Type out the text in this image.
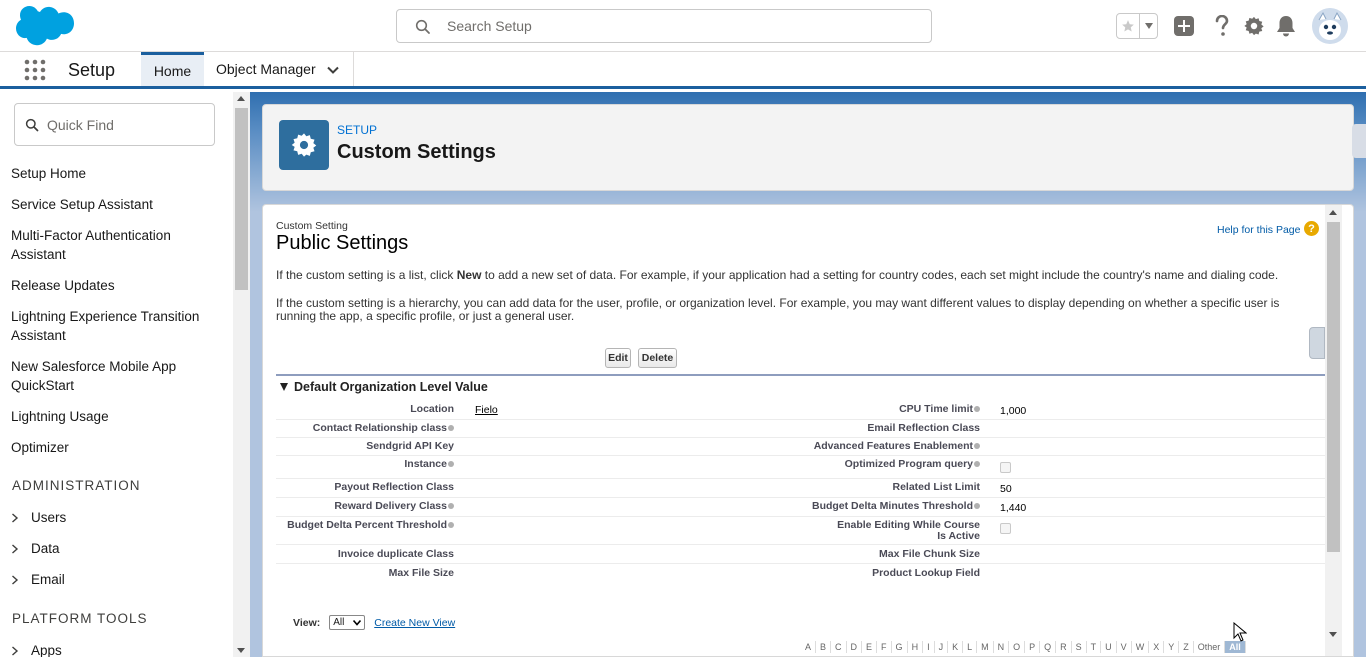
Search Setup
Setup	Home Object Manager
Quick Find
Setup Home
Service Setup Assistant
Multi-Factor Authentication Assistant
Release Updates
Lightning Experience Transition Assistant
New Salesforce Mobile App QuickStart
Lightning Usage
Optimizer
ADMINISTRATION
Users
Data
Email
PLATFORM TOOLS
Apps
SETUP
Custom Settings
Custom Setting
Public Settings
Help for this Page ?
If the custom setting is a list, click New to add a new set of data. For example, if your application had a setting for country codes, each set might include the country's name and dialing code.
If the custom setting is a hierarchy, you can add data for the user, profile, or organization level. For example, you may want different values to display depending on whether a specific user is running the app, a specific profile, or just a general user.
Edit	Delete
Default Organization Level Value
Location Fielo	CPU Time limit	1,000
Contact Relationship class	Email Reflection Class
Sendgrid API Key	Advanced Features Enablement
Instance	Optimized Program query
Payout Reflection Class	Related List Limit 50
Reward Delivery Class	Budget Delta Minutes Threshold	1,440
Budget Delta Percent Threshold	Enable Editing While Course Is Active
Invoice duplicate Class	Max File Chunk Size
Max File Size	Product Lookup Field
View: All	Create New View
A	B	C	D	E	F	G	H	I	J	K	L	M	N	O	P	Q	R	S	T	U	V	W	X	Y	Z	Other	All
